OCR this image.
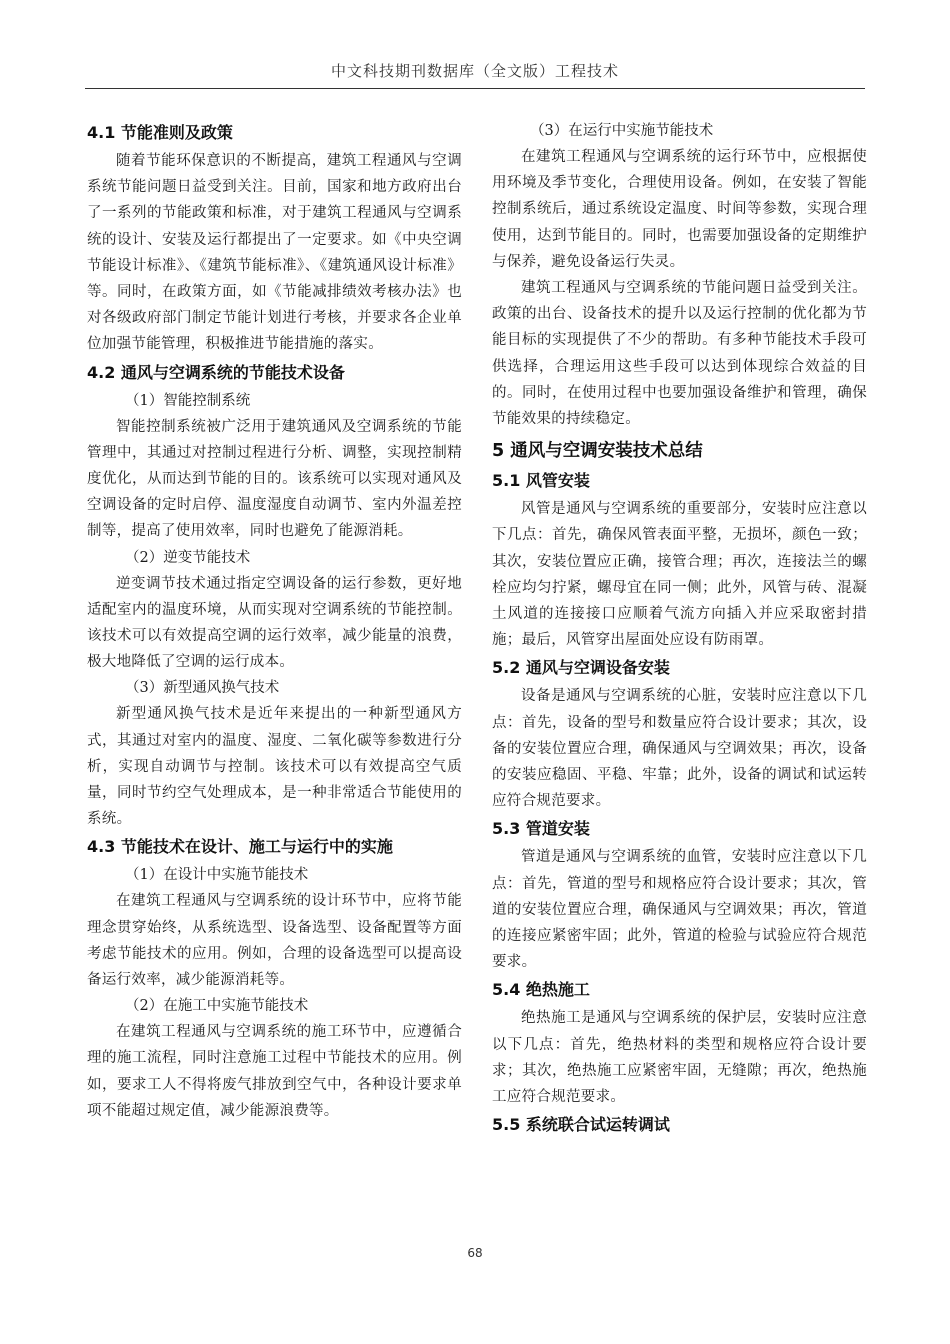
中文科技期刊数据库（全文版）工程技术
4.1 节能准则及政策

随着节能环保意识的不断提高，建筑工程通风与空调系统节能问题日益受到关注。目前，国家和地方政府出台了一系列的节能政策和标准，对于建筑工程通风与空调系统的设计、安装及运行都提出了一定要求。如《中央空调节能设计标准》、《建筑节能标准》、《建筑通风设计标准》等。同时，在政策方面，如《节能减排绩效考核办法》也对各级政府部门制定节能计划进行考核，并要求各企业单位加强节能管理，积极推进节能措施的落实。

4.2 通风与空调系统的节能技术设备

（1）智能控制系统

智能控制系统被广泛用于建筑通风及空调系统的节能管理中，其通过对控制过程进行分析、调整，实现控制精度优化，从而达到节能的目的。该系统可以实现对通风及空调设备的定时启停、温度湿度自动调节、室内外温差控制等，提高了使用效率，同时也避免了能源消耗。

（2）逆变节能技术

逆变调节技术通过指定空调设备的运行参数，更好地适配室内的温度环境，从而实现对空调系统的节能控制。该技术可以有效提高空调的运行效率，减少能量的浪费，极大地降低了空调的运行成本。

（3）新型通风换气技术

新型通风换气技术是近年来提出的一种新型通风方式，其通过对室内的温度、湿度、二氧化碳等参数进行分析，实现自动调节与控制。该技术可以有效提高空气质量，同时节约空气处理成本，是一种非常适合节能使用的系统。

4.3 节能技术在设计、施工与运行中的实施

（1）在设计中实施节能技术

在建筑工程通风与空调系统的设计环节中，应将节能理念贯穿始终，从系统选型、设备选型、设备配置等方面考虑节能技术的应用。例如，合理的设备选型可以提高设备运行效率，减少能源消耗等。

（2）在施工中实施节能技术

在建筑工程通风与空调系统的施工环节中，应遵循合理的施工流程，同时注意施工过程中节能技术的应用。例如，要求工人不得将废气排放到空气中，各种设计要求单项不能超过规定值，减少能源浪费等。

（3）在运行中实施节能技术

在建筑工程通风与空调系统的运行环节中，应根据使用环境及季节变化，合理使用设备。例如，在安装了智能控制系统后，通过系统设定温度、时间等参数，实现合理使用，达到节能目的。同时，也需要加强设备的定期维护与保养，避免设备运行失灵。

建筑工程通风与空调系统的节能问题日益受到关注。政策的出台、设备技术的提升以及运行控制的优化都为节能目标的实现提供了不少的帮助。有多种节能技术手段可供选择，合理运用这些手段可以达到体现综合效益的目的。同时，在使用过程中也要加强设备维护和管理，确保节能效果的持续稳定。

5 通风与空调安装技术总结
5.1 风管安装

风管是通风与空调系统的重要部分，安装时应注意以下几点：首先，确保风管表面平整，无损坏，颜色一致；其次，安装位置应正确，接管合理；再次，连接法兰的螺栓应均匀拧紧，螺母宜在同一侧；此外，风管与砖、混凝土风道的连接接口应顺着气流方向插入并应采取密封措施；最后，风管穿出屋面处应设有防雨罩。

5.2 通风与空调设备安装

设备是通风与空调系统的心脏，安装时应注意以下几点：首先，设备的型号和数量应符合设计要求；其次，设备的安装位置应合理，确保通风与空调效果；再次，设备的安装应稳固、平稳、牢靠；此外，设备的调试和试运转应符合规范要求。

5.3 管道安装

管道是通风与空调系统的血管，安装时应注意以下几点：首先，管道的型号和规格应符合设计要求；其次，管道的安装位置应合理，确保通风与空调效果；再次，管道的连接应紧密牢固；此外，管道的检验与试验应符合规范要求。

5.4 绝热施工

绝热施工是通风与空调系统的保护层，安装时应注意以下几点：首先，绝热材料的类型和规格应符合设计要求；其次，绝热施工应紧密牢固，无缝隙；再次，绝热施工应符合规范要求。

5.5 系统联合试运转调试
68
